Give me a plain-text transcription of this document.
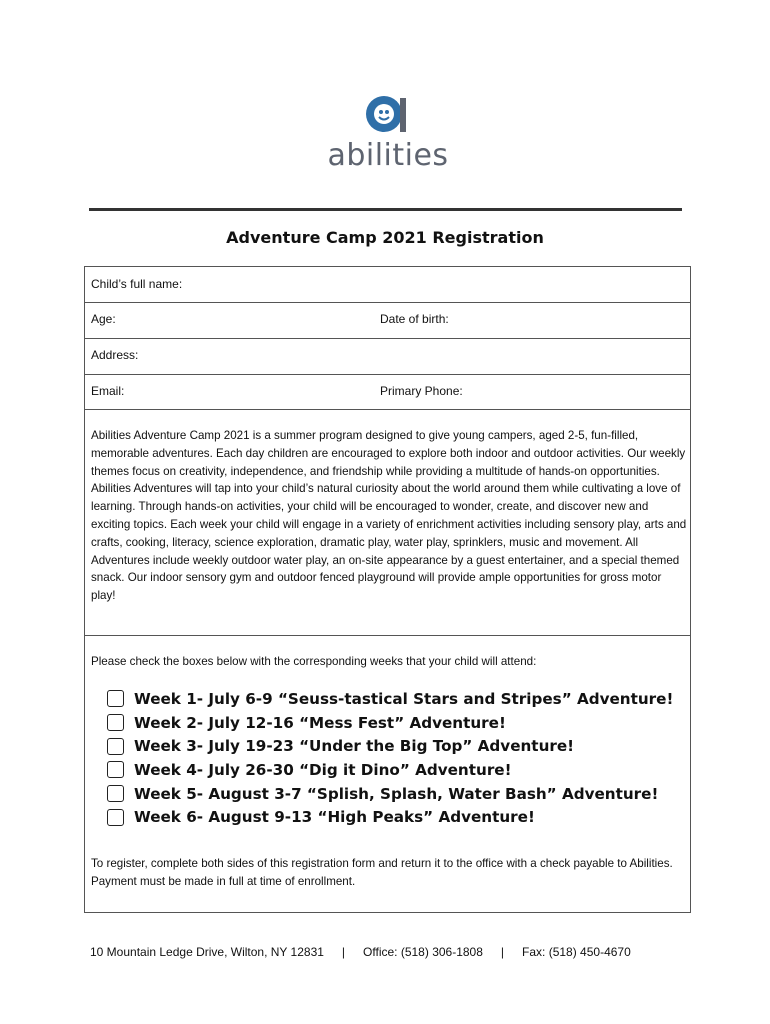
abilities
Adventure Camp 2021 Registration
Child’s full name:
Age:	Date of birth:
Address:
Email:	Primary Phone:
Abilities Adventure Camp 2021 is a summer program designed to give young campers, aged 2-5, fun-filled, memorable adventures. Each day children are encouraged to explore both indoor and outdoor activities. Our weekly themes focus on creativity, independence, and friendship while providing a multitude of hands-on opportunities. Abilities Adventures will tap into your child’s natural curiosity about the world around them while cultivating a love of learning. Through hands-on activities, your child will be encouraged to wonder, create, and discover new and exciting topics. Each week your child will engage in a variety of enrichment activities including sensory play, arts and crafts, cooking, literacy, science exploration, dramatic play, water play, sprinklers, music and movement. All Adventures include weekly outdoor water play, an on-site appearance by a guest entertainer, and a special themed snack. Our indoor sensory gym and outdoor fenced playground will provide ample opportunities for gross motor play!
Please check the boxes below with the corresponding weeks that your child will attend:
Week 1- July 6-9 “Seuss-tastical Stars and Stripes” Adventure!
Week 2- July 12-16 “Mess Fest” Adventure!
Week 3- July 19-23 “Under the Big Top” Adventure!
Week 4- July 26-30 “Dig it Dino” Adventure!
Week 5- August 3-7 “Splish, Splash, Water Bash” Adventure!
Week 6- August 9-13 “High Peaks” Adventure!
To register, complete both sides of this registration form and return it to the office with a check payable to Abilities. Payment must be made in full at time of enrollment.
10 Mountain Ledge Drive, Wilton, NY 12831 | Office: (518) 306-1808 | Fax: (518) 450-4670
